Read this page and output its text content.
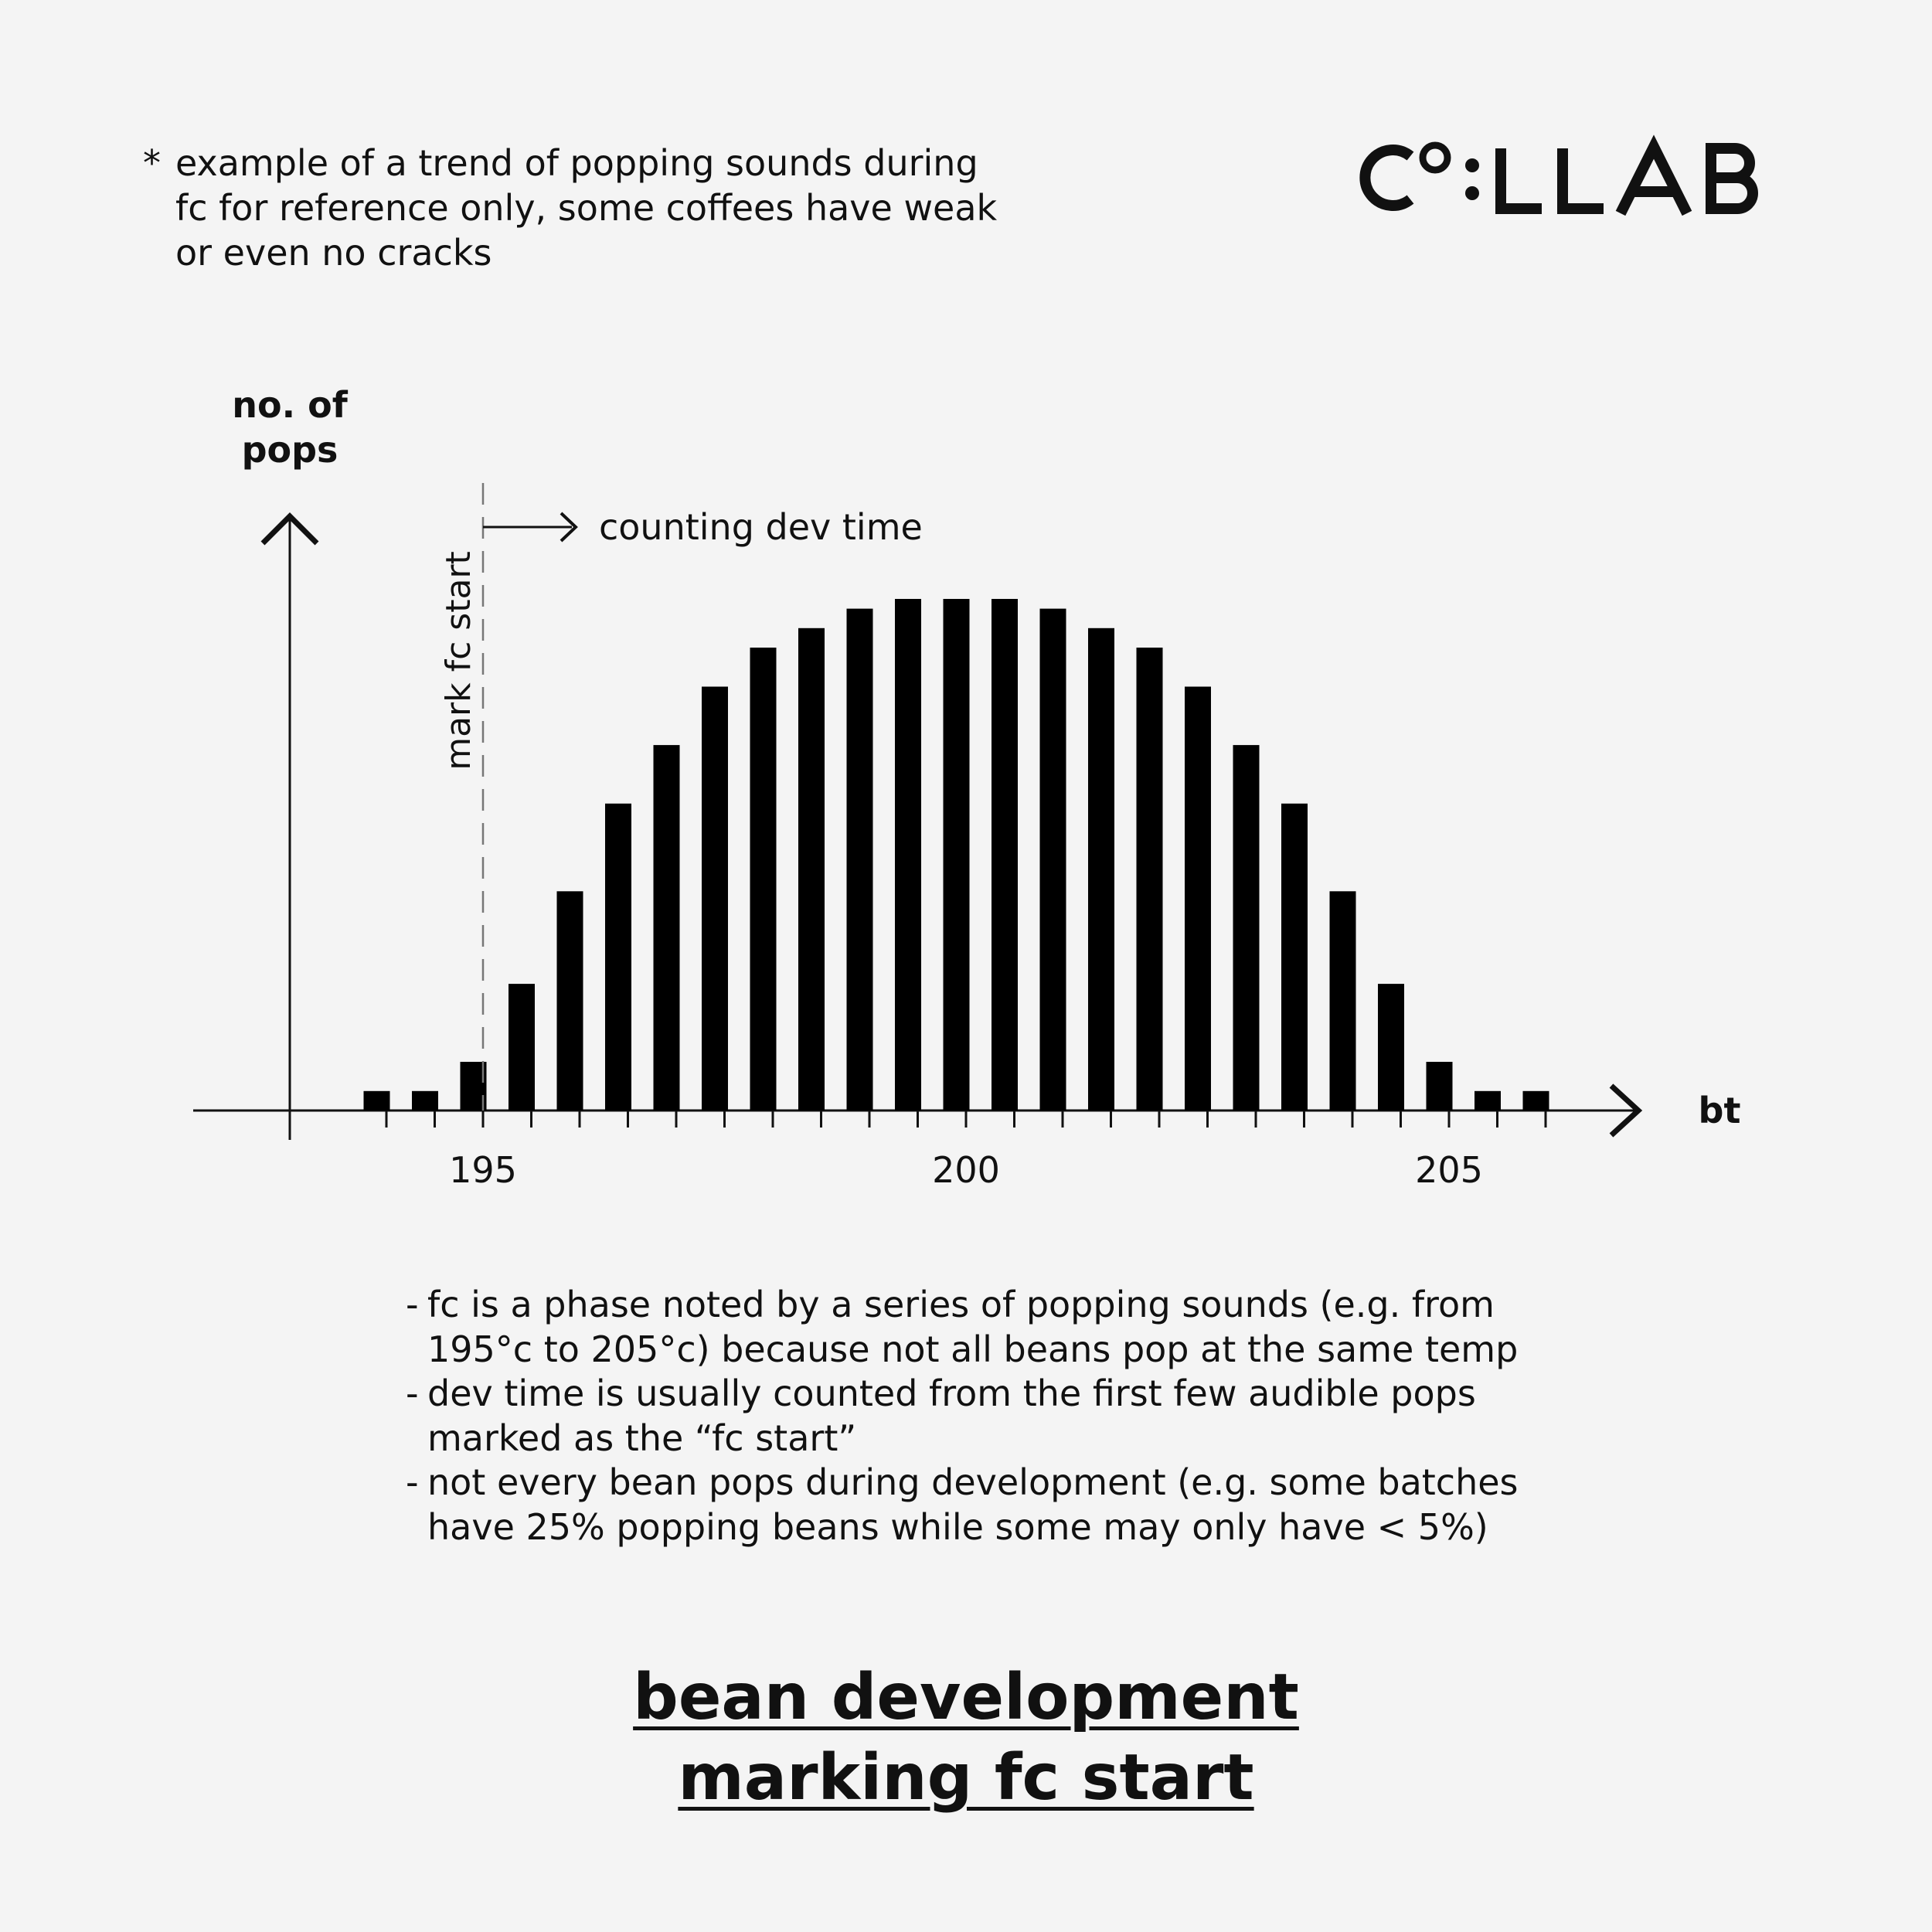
* example of a trend of popping sounds during
fc for reference only, some coffees have weak
or even no cracks

no. of
pops
bt
195	200	205
mark fc start
counting dev time
- fc is a phase noted by a series of popping sounds (e.g. from
195°c to 205°c) because not all beans pop at the same temp
- dev time is usually counted from the first few audible pops
marked as the “fc start”
- not every bean pops during development (e.g. some batches
have 25% popping beans while some may only have < 5%)
bean development
marking fc start
